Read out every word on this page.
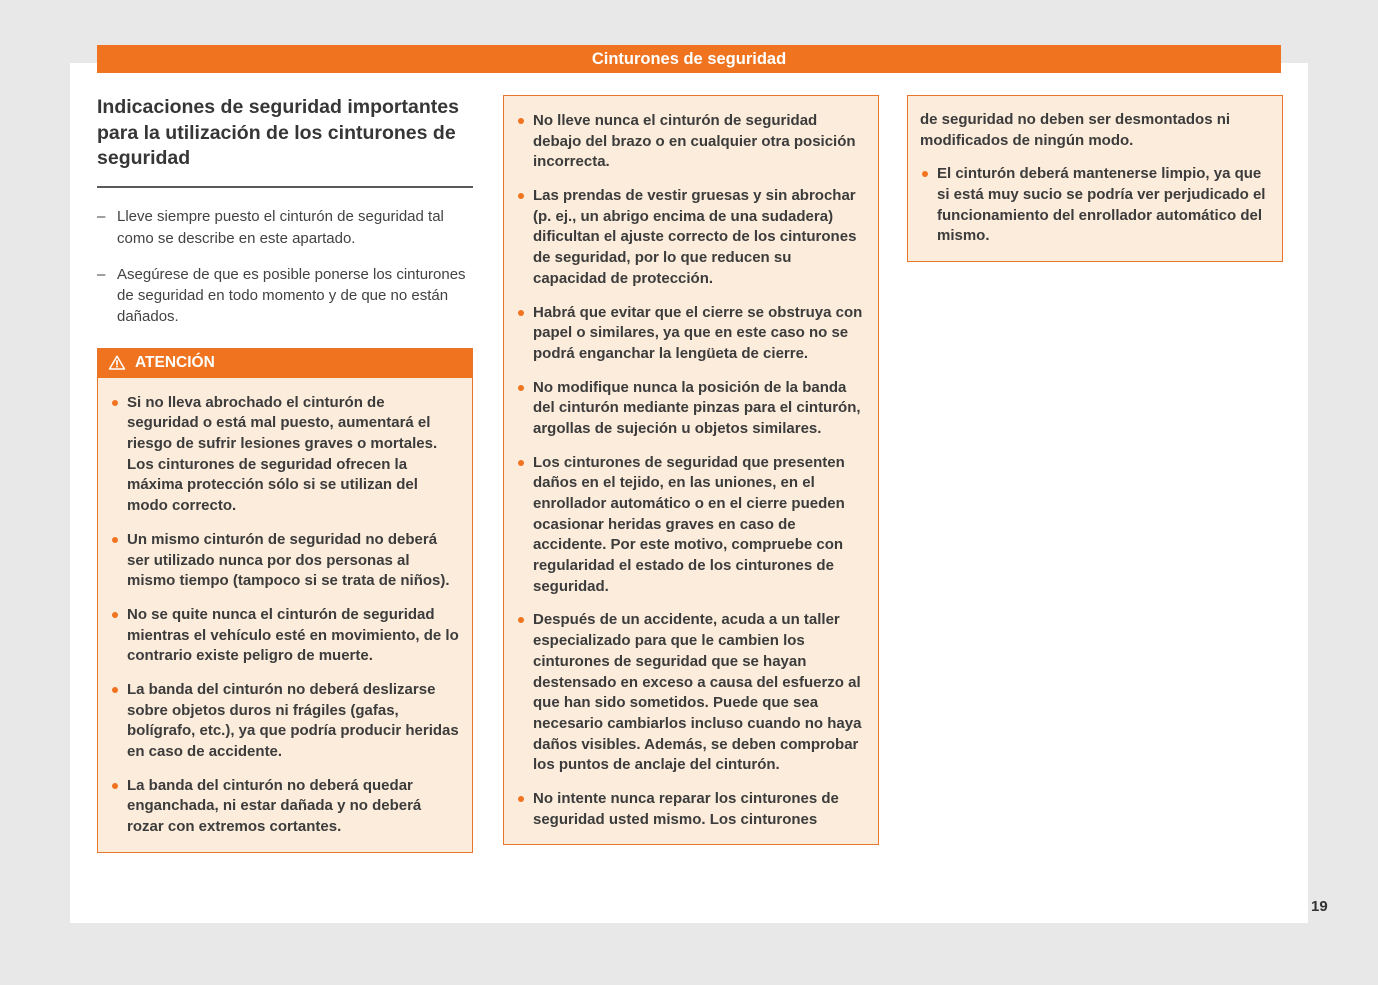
Cinturones de seguridad
Indicaciones de seguridad importantes para la utilización de los cinturones de seguridad
– Lleve siempre puesto el cinturón de seguridad tal como se describe en este apartado.
– Asegúrese de que es posible ponerse los cinturones de seguridad en todo momento y de que no están dañados.
ATENCIÓN
Si no lleva abrochado el cinturón de seguridad o está mal puesto, aumentará el riesgo de sufrir lesiones graves o mortales. Los cinturones de seguridad ofrecen la máxima protección sólo si se utilizan del modo correcto.
Un mismo cinturón de seguridad no deberá ser utilizado nunca por dos personas al mismo tiempo (tampoco si se trata de niños).
No se quite nunca el cinturón de seguridad mientras el vehículo esté en movimiento, de lo contrario existe peligro de muerte.
La banda del cinturón no deberá deslizarse sobre objetos duros ni frágiles (gafas, bolígrafo, etc.), ya que podría producir heridas en caso de accidente.
La banda del cinturón no deberá quedar enganchada, ni estar dañada y no deberá rozar con extremos cortantes.
No lleve nunca el cinturón de seguridad debajo del brazo o en cualquier otra posición incorrecta.
Las prendas de vestir gruesas y sin abrochar (p. ej., un abrigo encima de una sudadera) dificultan el ajuste correcto de los cinturones de seguridad, por lo que reducen su capacidad de protección.
Habrá que evitar que el cierre se obstruya con papel o similares, ya que en este caso no se podrá enganchar la lengüeta de cierre.
No modifique nunca la posición de la banda del cinturón mediante pinzas para el cinturón, argollas de sujeción u objetos similares.
Los cinturones de seguridad que presenten daños en el tejido, en las uniones, en el enrollador automático o en el cierre pueden ocasionar heridas graves en caso de accidente. Por este motivo, compruebe con regularidad el estado de los cinturones de seguridad.
Después de un accidente, acuda a un taller especializado para que le cambien los cinturones de seguridad que se hayan destensado en exceso a causa del esfuerzo al que han sido sometidos. Puede que sea necesario cambiarlos incluso cuando no haya daños visibles. Además, se deben comprobar los puntos de anclaje del cinturón.
No intente nunca reparar los cinturones de seguridad usted mismo. Los cinturones
de seguridad no deben ser desmontados ni modificados de ningún modo.
El cinturón deberá mantenerse limpio, ya que si está muy sucio se podría ver perjudicado el funcionamiento del enrollador automático del mismo.
19
